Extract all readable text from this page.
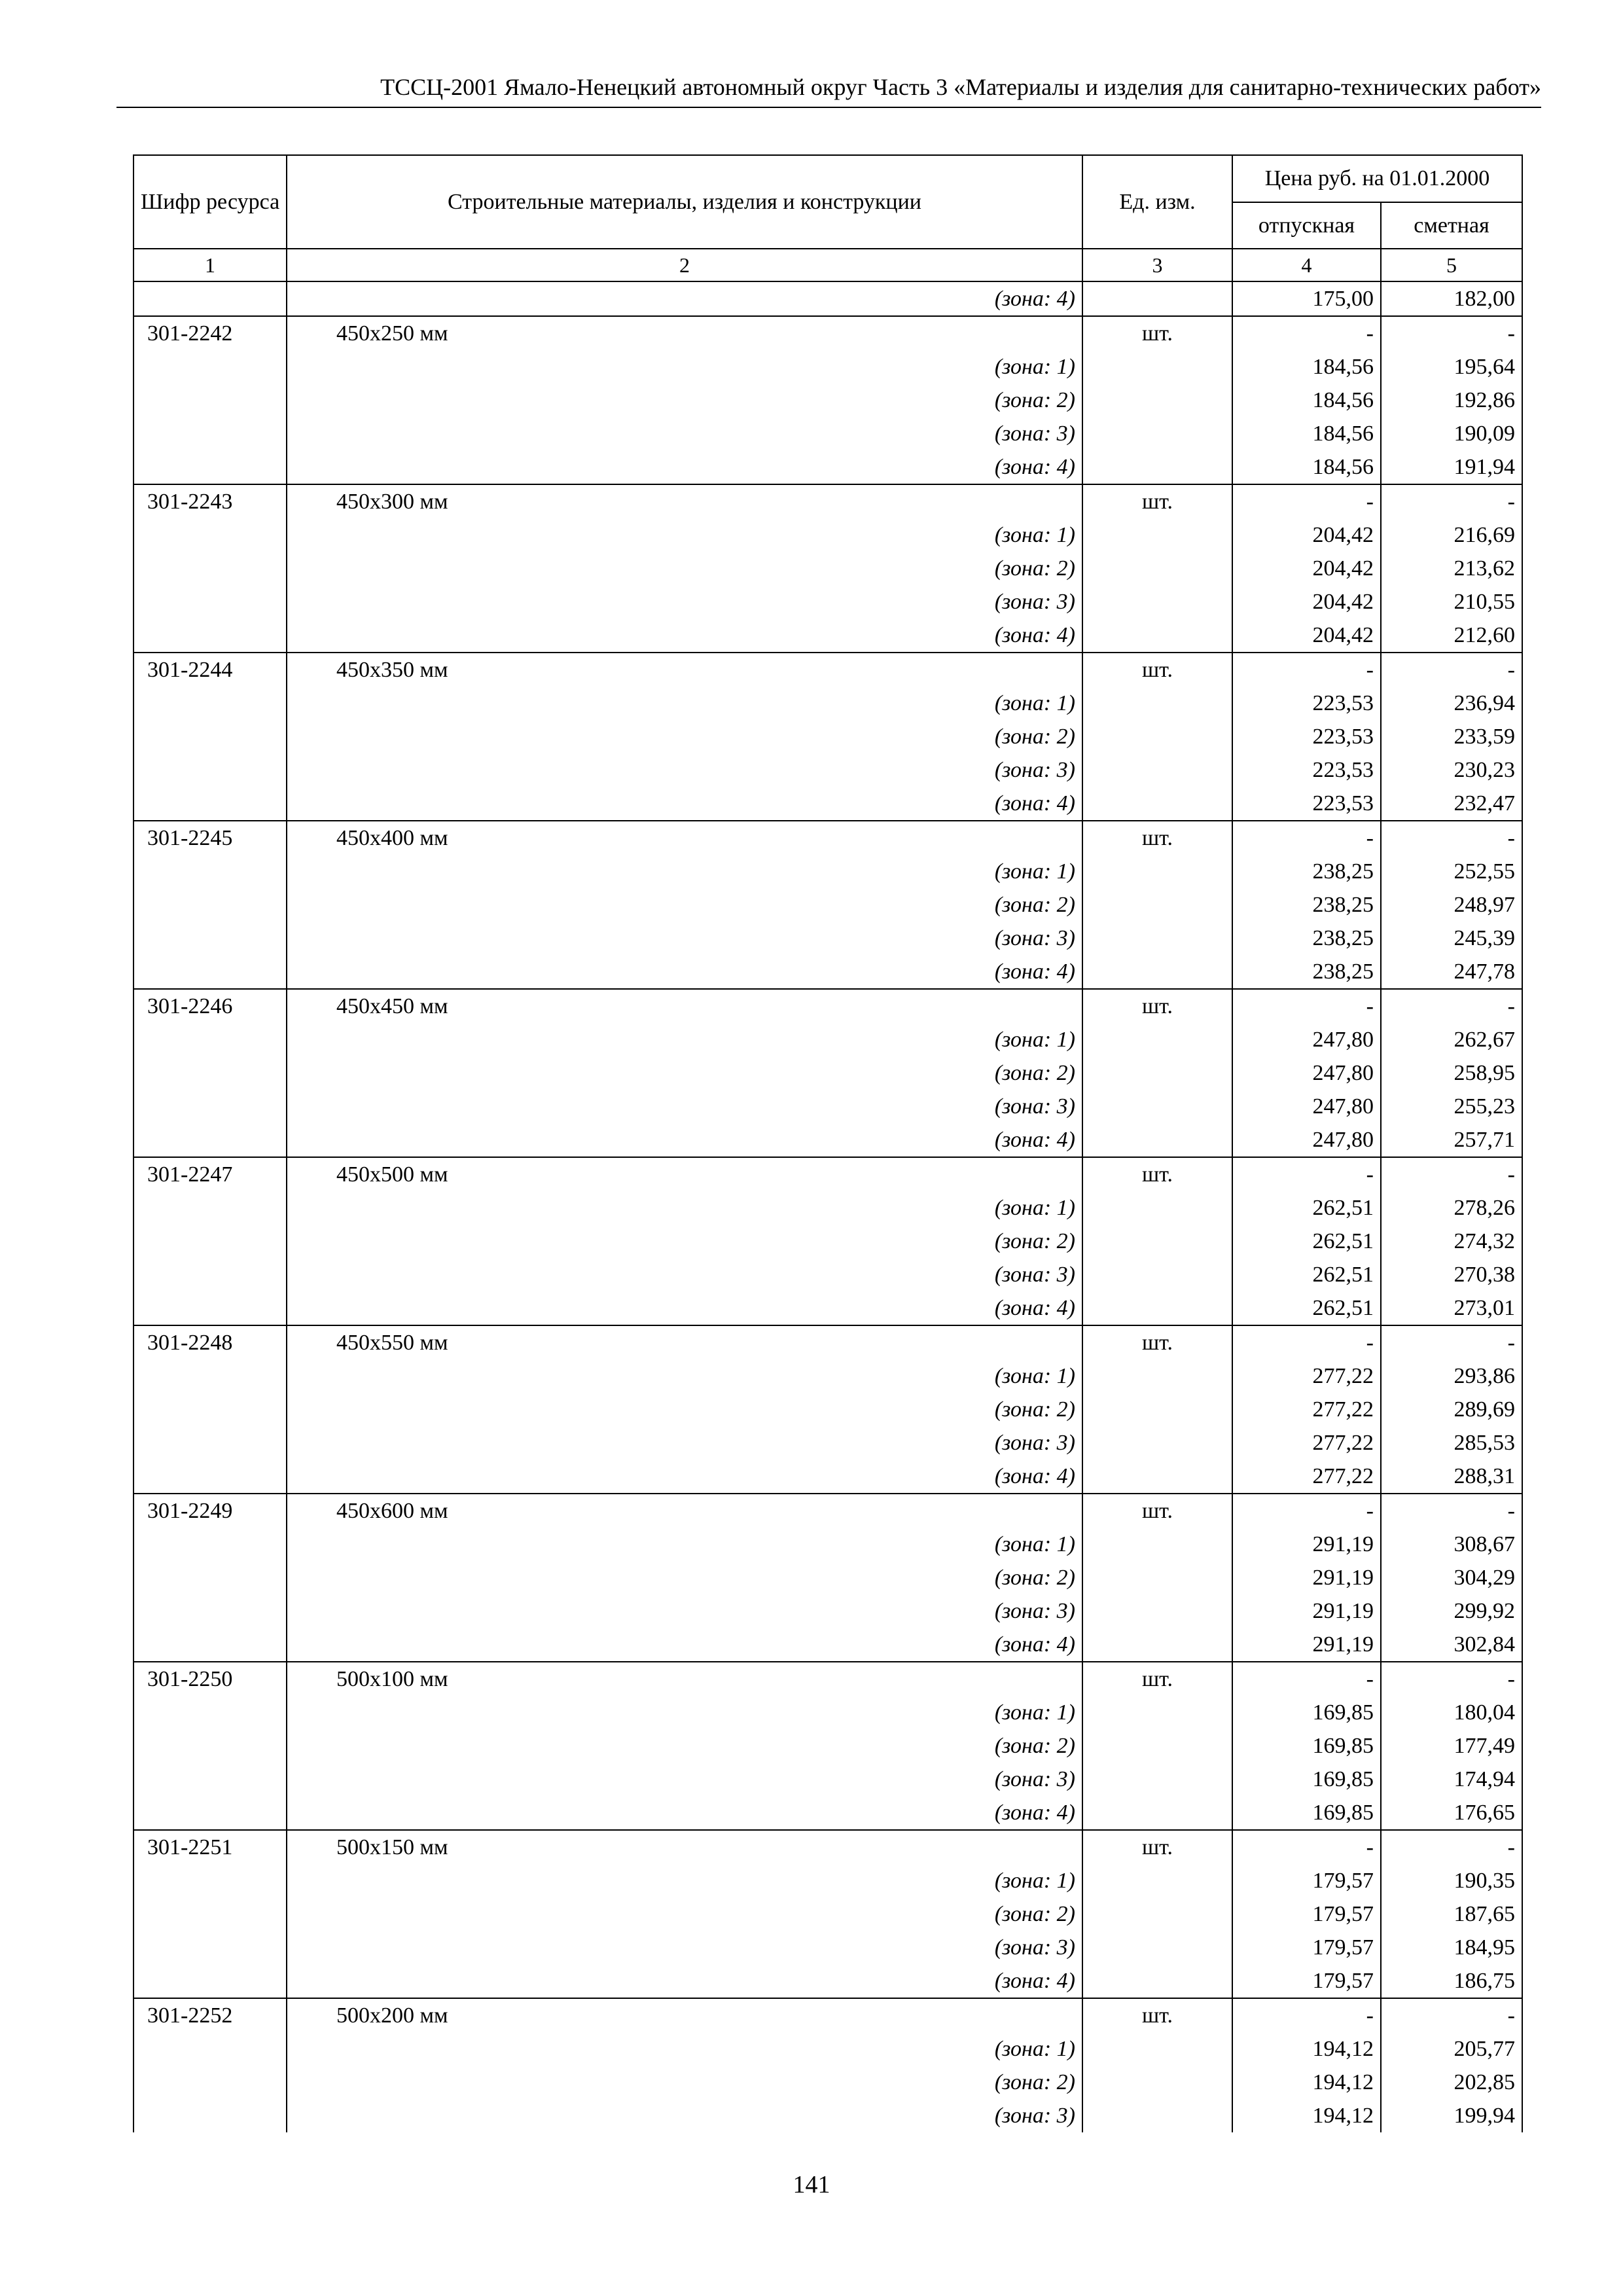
ТССЦ-2001 Ямало-Ненецкий автономный округ Часть 3 «Материалы и изделия для санитарно-технических работ»
Шифр ресурса	Строительные материалы, изделия и конструкции	Ед. изм.	Цена руб. на 01.01.2000	
			отпускная	сметная
1	2	3	4	5
	(зона: 4)		175,00	182,00
301-2242	450х250 мм	шт.	-	-
	(зона: 1)		184,56	195,64
	(зона: 2)		184,56	192,86
	(зона: 3)		184,56	190,09
	(зона: 4)		184,56	191,94
301-2243	450х300 мм	шт.	-	-
	(зона: 1)		204,42	216,69
	(зона: 2)		204,42	213,62
	(зона: 3)		204,42	210,55
	(зона: 4)		204,42	212,60
301-2244	450х350 мм	шт.	-	-
	(зона: 1)		223,53	236,94
	(зона: 2)		223,53	233,59
	(зона: 3)		223,53	230,23
	(зона: 4)		223,53	232,47
301-2245	450х400 мм	шт.	-	-
	(зона: 1)		238,25	252,55
	(зона: 2)		238,25	248,97
	(зона: 3)		238,25	245,39
	(зона: 4)		238,25	247,78
301-2246	450х450 мм	шт.	-	-
	(зона: 1)		247,80	262,67
	(зона: 2)		247,80	258,95
	(зона: 3)		247,80	255,23
	(зона: 4)		247,80	257,71
301-2247	450х500 мм	шт.	-	-
	(зона: 1)		262,51	278,26
	(зона: 2)		262,51	274,32
	(зона: 3)		262,51	270,38
	(зона: 4)		262,51	273,01
301-2248	450х550 мм	шт.	-	-
	(зона: 1)		277,22	293,86
	(зона: 2)		277,22	289,69
	(зона: 3)		277,22	285,53
	(зона: 4)		277,22	288,31
301-2249	450х600 мм	шт.	-	-
	(зона: 1)		291,19	308,67
	(зона: 2)		291,19	304,29
	(зона: 3)		291,19	299,92
	(зона: 4)		291,19	302,84
301-2250	500х100 мм	шт.	-	-
	(зона: 1)		169,85	180,04
	(зона: 2)		169,85	177,49
	(зона: 3)		169,85	174,94
	(зона: 4)		169,85	176,65
301-2251	500х150 мм	шт.	-	-
	(зона: 1)		179,57	190,35
	(зона: 2)		179,57	187,65
	(зона: 3)		179,57	184,95
	(зона: 4)		179,57	186,75
301-2252	500х200 мм	шт.	-	-
	(зона: 1)		194,12	205,77
	(зона: 2)		194,12	202,85
	(зона: 3)		194,12	199,94
141
